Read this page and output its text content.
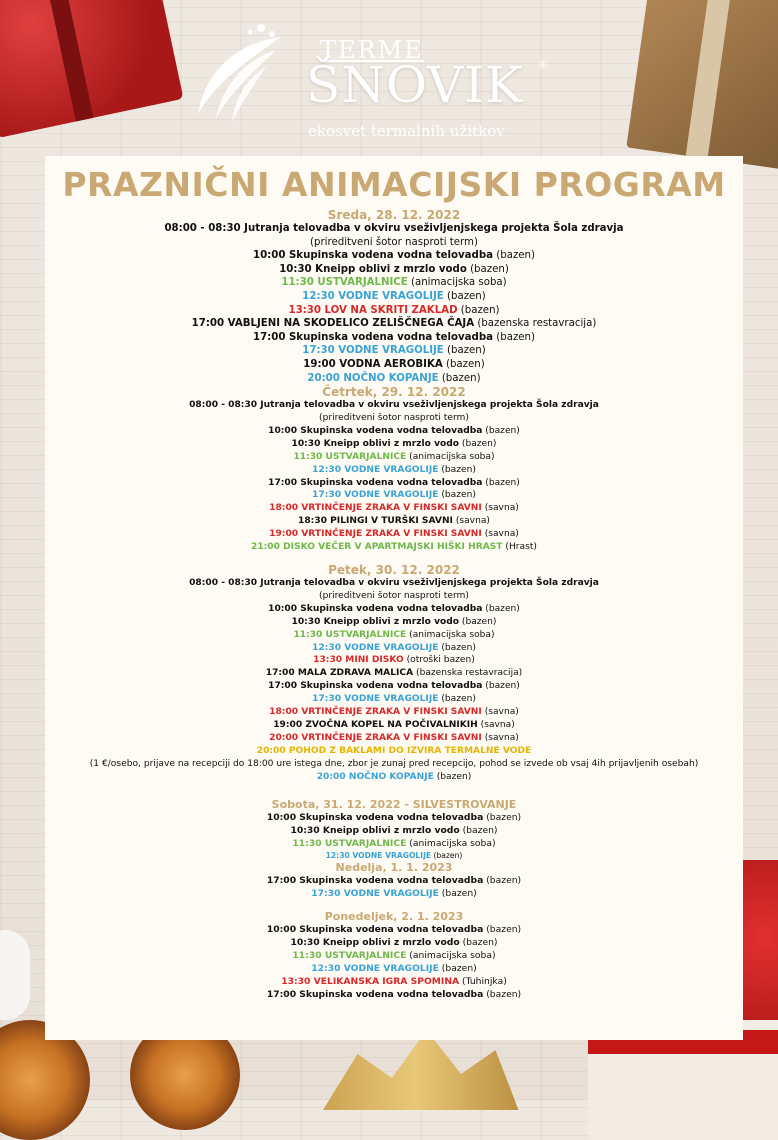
TERME
ŠNOVIK ®
ekosvet termalnih užitkov
PRAZNIČNI ANIMACIJSKI PROGRAM

Sreda, 28. 12. 2022

08:00 - 08:30 Jutranja telovadba v okviru vseživljenjskega projekta Šola zdravja

(prireditveni šotor nasproti term)

10:00 Skupinska vodena vodna telovadba (bazen)

10:30 Kneipp oblivi z mrzlo vodo (bazen)

11:30 USTVARJALNICE (animacijska soba)

12:30 VODNE VRAGOLIJE (bazen)

13:30 LOV NA SKRITI ZAKLAD (bazen)

17:00 VABLJENI NA SKODELICO ZELIŠČNEGA ČAJA (bazenska restavracija)

17:00 Skupinska vodena vodna telovadba (bazen)

17:30 VODNE VRAGOLIJE (bazen)

19:00 VODNA AEROBIKA (bazen)

20:00 NOČNO KOPANJE (bazen)

Četrtek, 29. 12. 2022

08:00 - 08:30 Jutranja telovadba v okviru vseživljenjskega projekta Šola zdravja

(prireditveni šotor nasproti term)

10:00 Skupinska vodena vodna telovadba (bazen)

10:30 Kneipp oblivi z mrzlo vodo (bazen)

11:30 USTVARJALNICE (animacijska soba)

12:30 VODNE VRAGOLIJE (bazen)

17:00 Skupinska vodena vodna telovadba (bazen)

17:30 VODNE VRAGOLIJE (bazen)

18:00 VRTINČENJE ZRAKA V FINSKI SAVNI (savna)

18:30 PILINGI V TURŠKI SAVNI (savna)

19:00 VRTINČENJE ZRAKA V FINSKI SAVNI (savna)

21:00 DISKO VEČER V APARTMAJSKI HIŠKI HRAST (Hrast)

Petek, 30. 12. 2022

08:00 - 08:30 Jutranja telovadba v okviru vseživljenjskega projekta Šola zdravja

(prireditveni šotor nasproti term)

10:00 Skupinska vodena vodna telovadba (bazen)

10:30 Kneipp oblivi z mrzlo vodo (bazen)

11:30 USTVARJALNICE (animacijska soba)

12:30 VODNE VRAGOLIJE (bazen)

13:30 MINI DISKO (otroški bazen)

17:00 MALA ZDRAVA MALICA (bazenska restavracija)

17:00 Skupinska vodena vodna telovadba (bazen)

17:30 VODNE VRAGOLIJE (bazen)

18:00 VRTINČENJE ZRAKA V FINSKI SAVNI (savna)

19:00 ZVOČNA KOPEL NA POČIVALNIKIH (savna)

20:00 VRTINČENJE ZRAKA V FINSKI SAVNI (savna)

20:00 POHOD Z BAKLAMI DO IZVIRA TERMALNE VODE

(1 €/osebo, prijave na recepciji do 18:00 ure istega dne, zbor je zunaj pred recepcijo, pohod se izvede ob vsaj 4ih prijavljenih osebah)

20:00 NOČNO KOPANJE (bazen)

Sobota, 31. 12. 2022 - SILVESTROVANJE

10:00 Skupinska vodena vodna telovadba (bazen)

10:30 Kneipp oblivi z mrzlo vodo (bazen)

11:30 USTVARJALNICE (animacijska soba)

12:30 VODNE VRAGOLIJE (bazen)

Nedelja, 1. 1. 2023

17:00 Skupinska vodena vodna telovadba (bazen)

17:30 VODNE VRAGOLIJE (bazen)

Ponedeljek, 2. 1. 2023

10:00 Skupinska vodena vodna telovadba (bazen)

10:30 Kneipp oblivi z mrzlo vodo (bazen)

11:30 USTVARJALNICE (animacijska soba)

12:30 VODNE VRAGOLIJE (bazen)

13:30 VELIKANSKA IGRA SPOMINA (Tuhinjka)

17:00 Skupinska vodena vodna telovadba (bazen)
